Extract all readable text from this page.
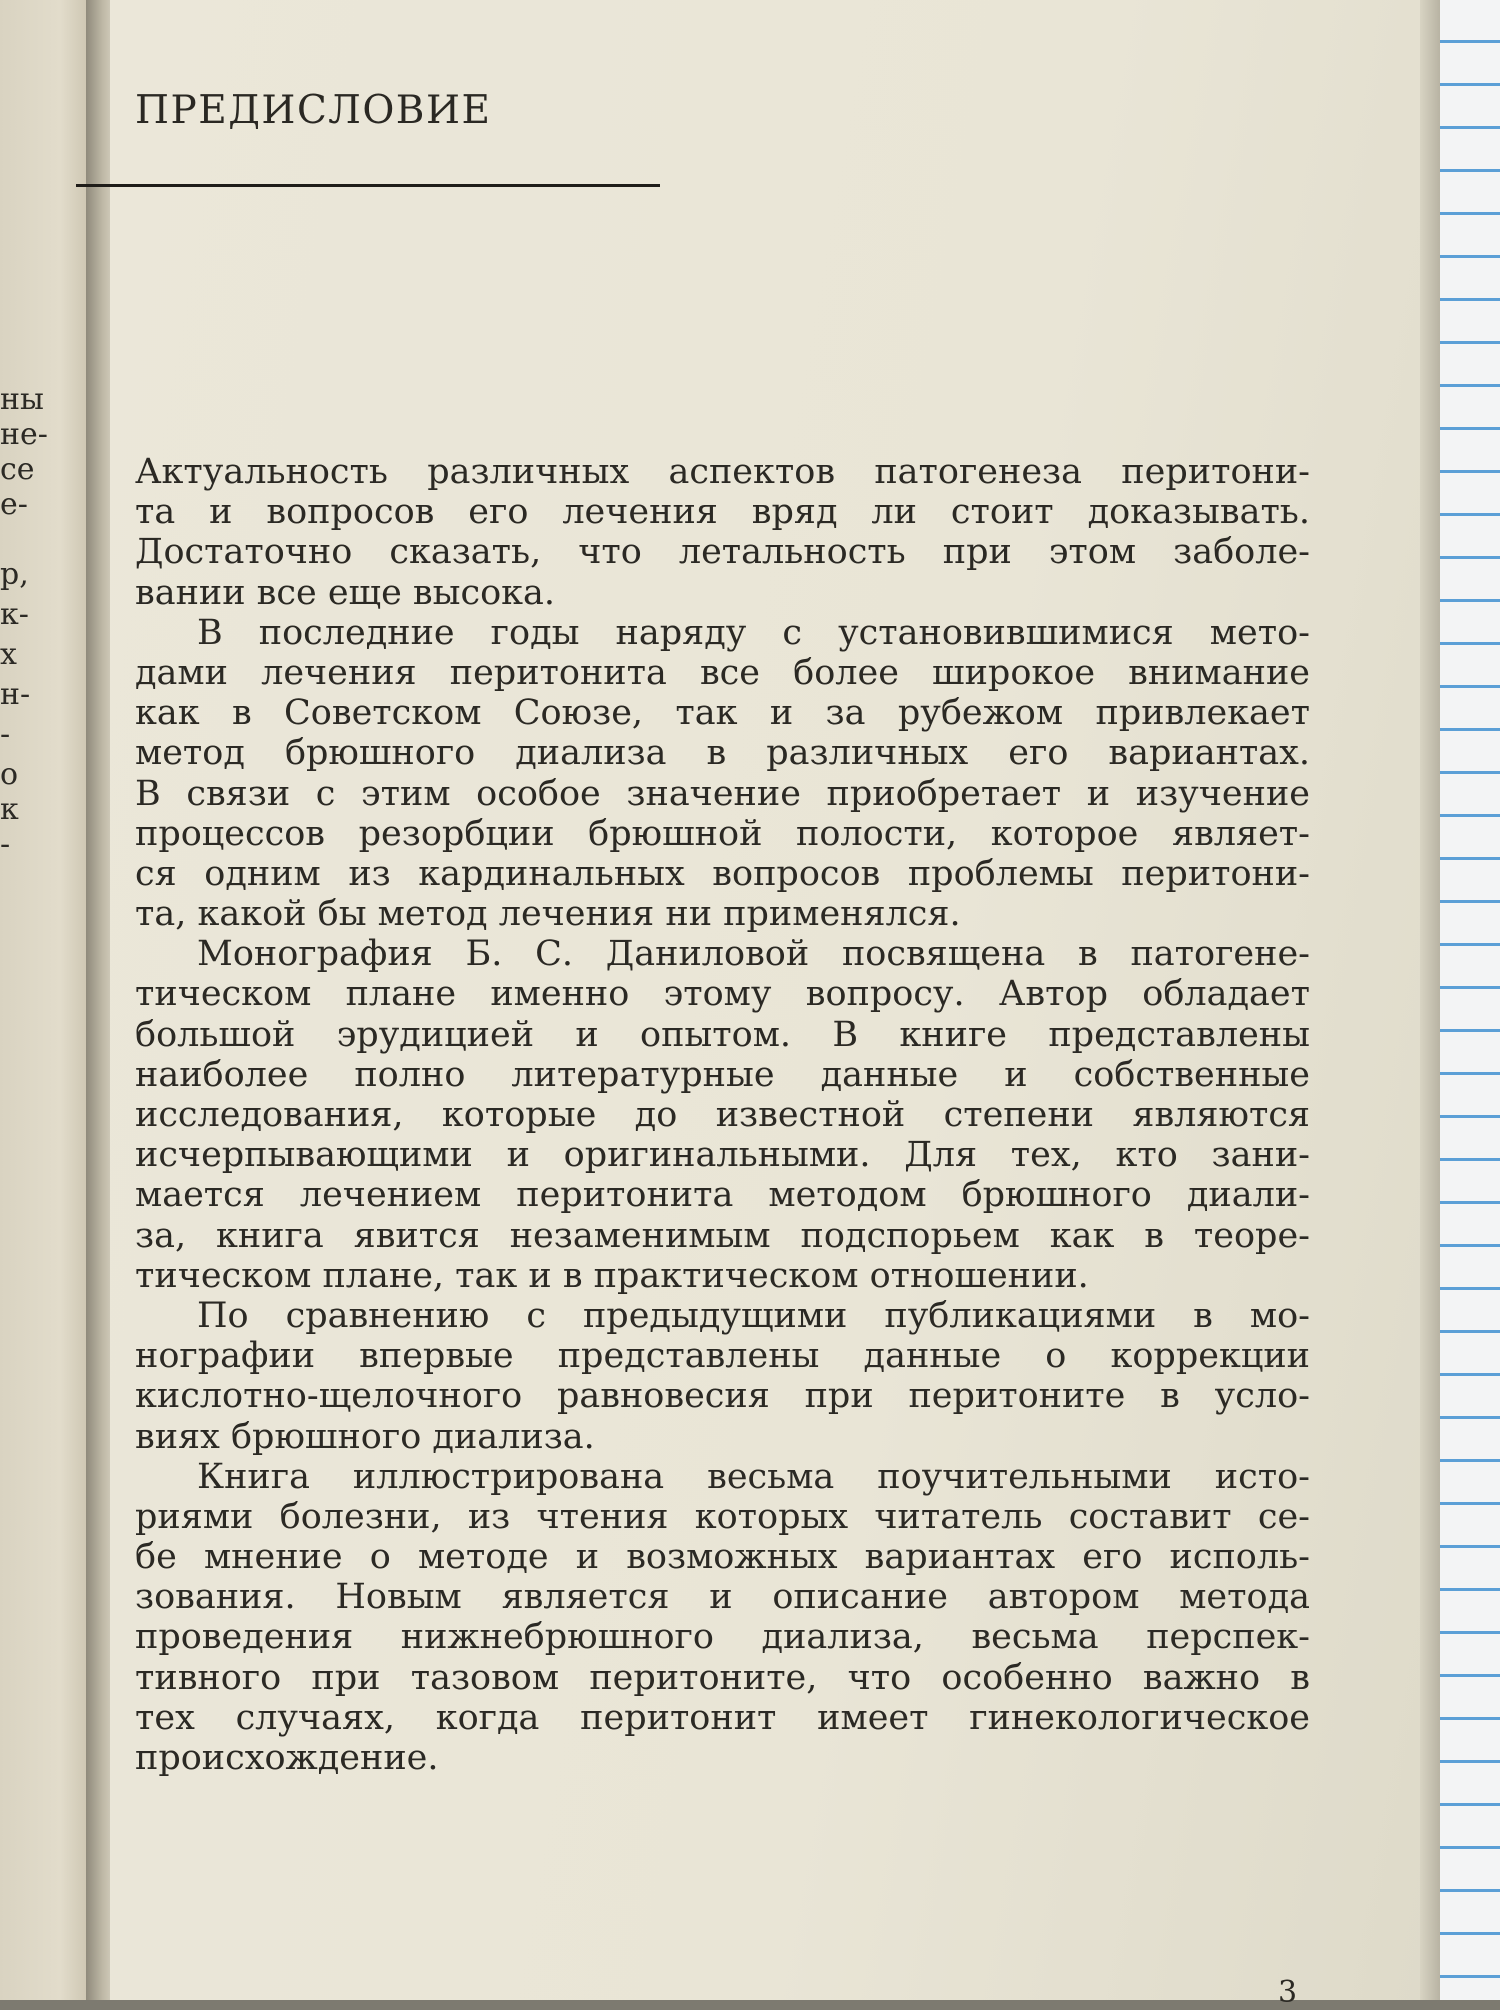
ны
не-
се
е-
р,
к-
х
н-
-
о
к
-
ПРЕДИСЛОВИЕ
Актуальность различных аспектов патогенеза перитони-
та и вопросов его лечения вряд ли стоит доказывать.
Достаточно сказать, что летальность при этом заболе-
вании все еще высока.
В последние годы наряду с установившимися мето-
дами лечения перитонита все более широкое внимание
как в Советском Союзе, так и за рубежом привлекает
метод брюшного диализа в различных его вариантах.
В связи с этим особое значение приобретает и изучение
процессов резорбции брюшной полости, которое являет-
ся одним из кардинальных вопросов проблемы перитони-
та, какой бы метод лечения ни применялся.
Монография Б. С. Даниловой посвящена в патогене-
тическом плане именно этому вопросу. Автор обладает
большой эрудицией и опытом. В книге представлены
наиболее полно литературные данные и собственные
исследования, которые до известной степени являются
исчерпывающими и оригинальными. Для тех, кто зани-
мается лечением перитонита методом брюшного диали-
за, книга явится незаменимым подспорьем как в теоре-
тическом плане, так и в практическом отношении.
По сравнению с предыдущими публикациями в мо-
нографии впервые представлены данные о коррекции
кислотно-щелочного равновесия при перитоните в усло-
виях брюшного диализа.
Книга иллюстрирована весьма поучительными исто-
риями болезни, из чтения которых читатель составит се-
бе мнение о методе и возможных вариантах его исполь-
зования. Новым является и описание автором метода
проведения нижнебрюшного диализа, весьма перспек-
тивного при тазовом перитоните, что особенно важно в
тех случаях, когда перитонит имеет гинекологическое
происхождение.
3
